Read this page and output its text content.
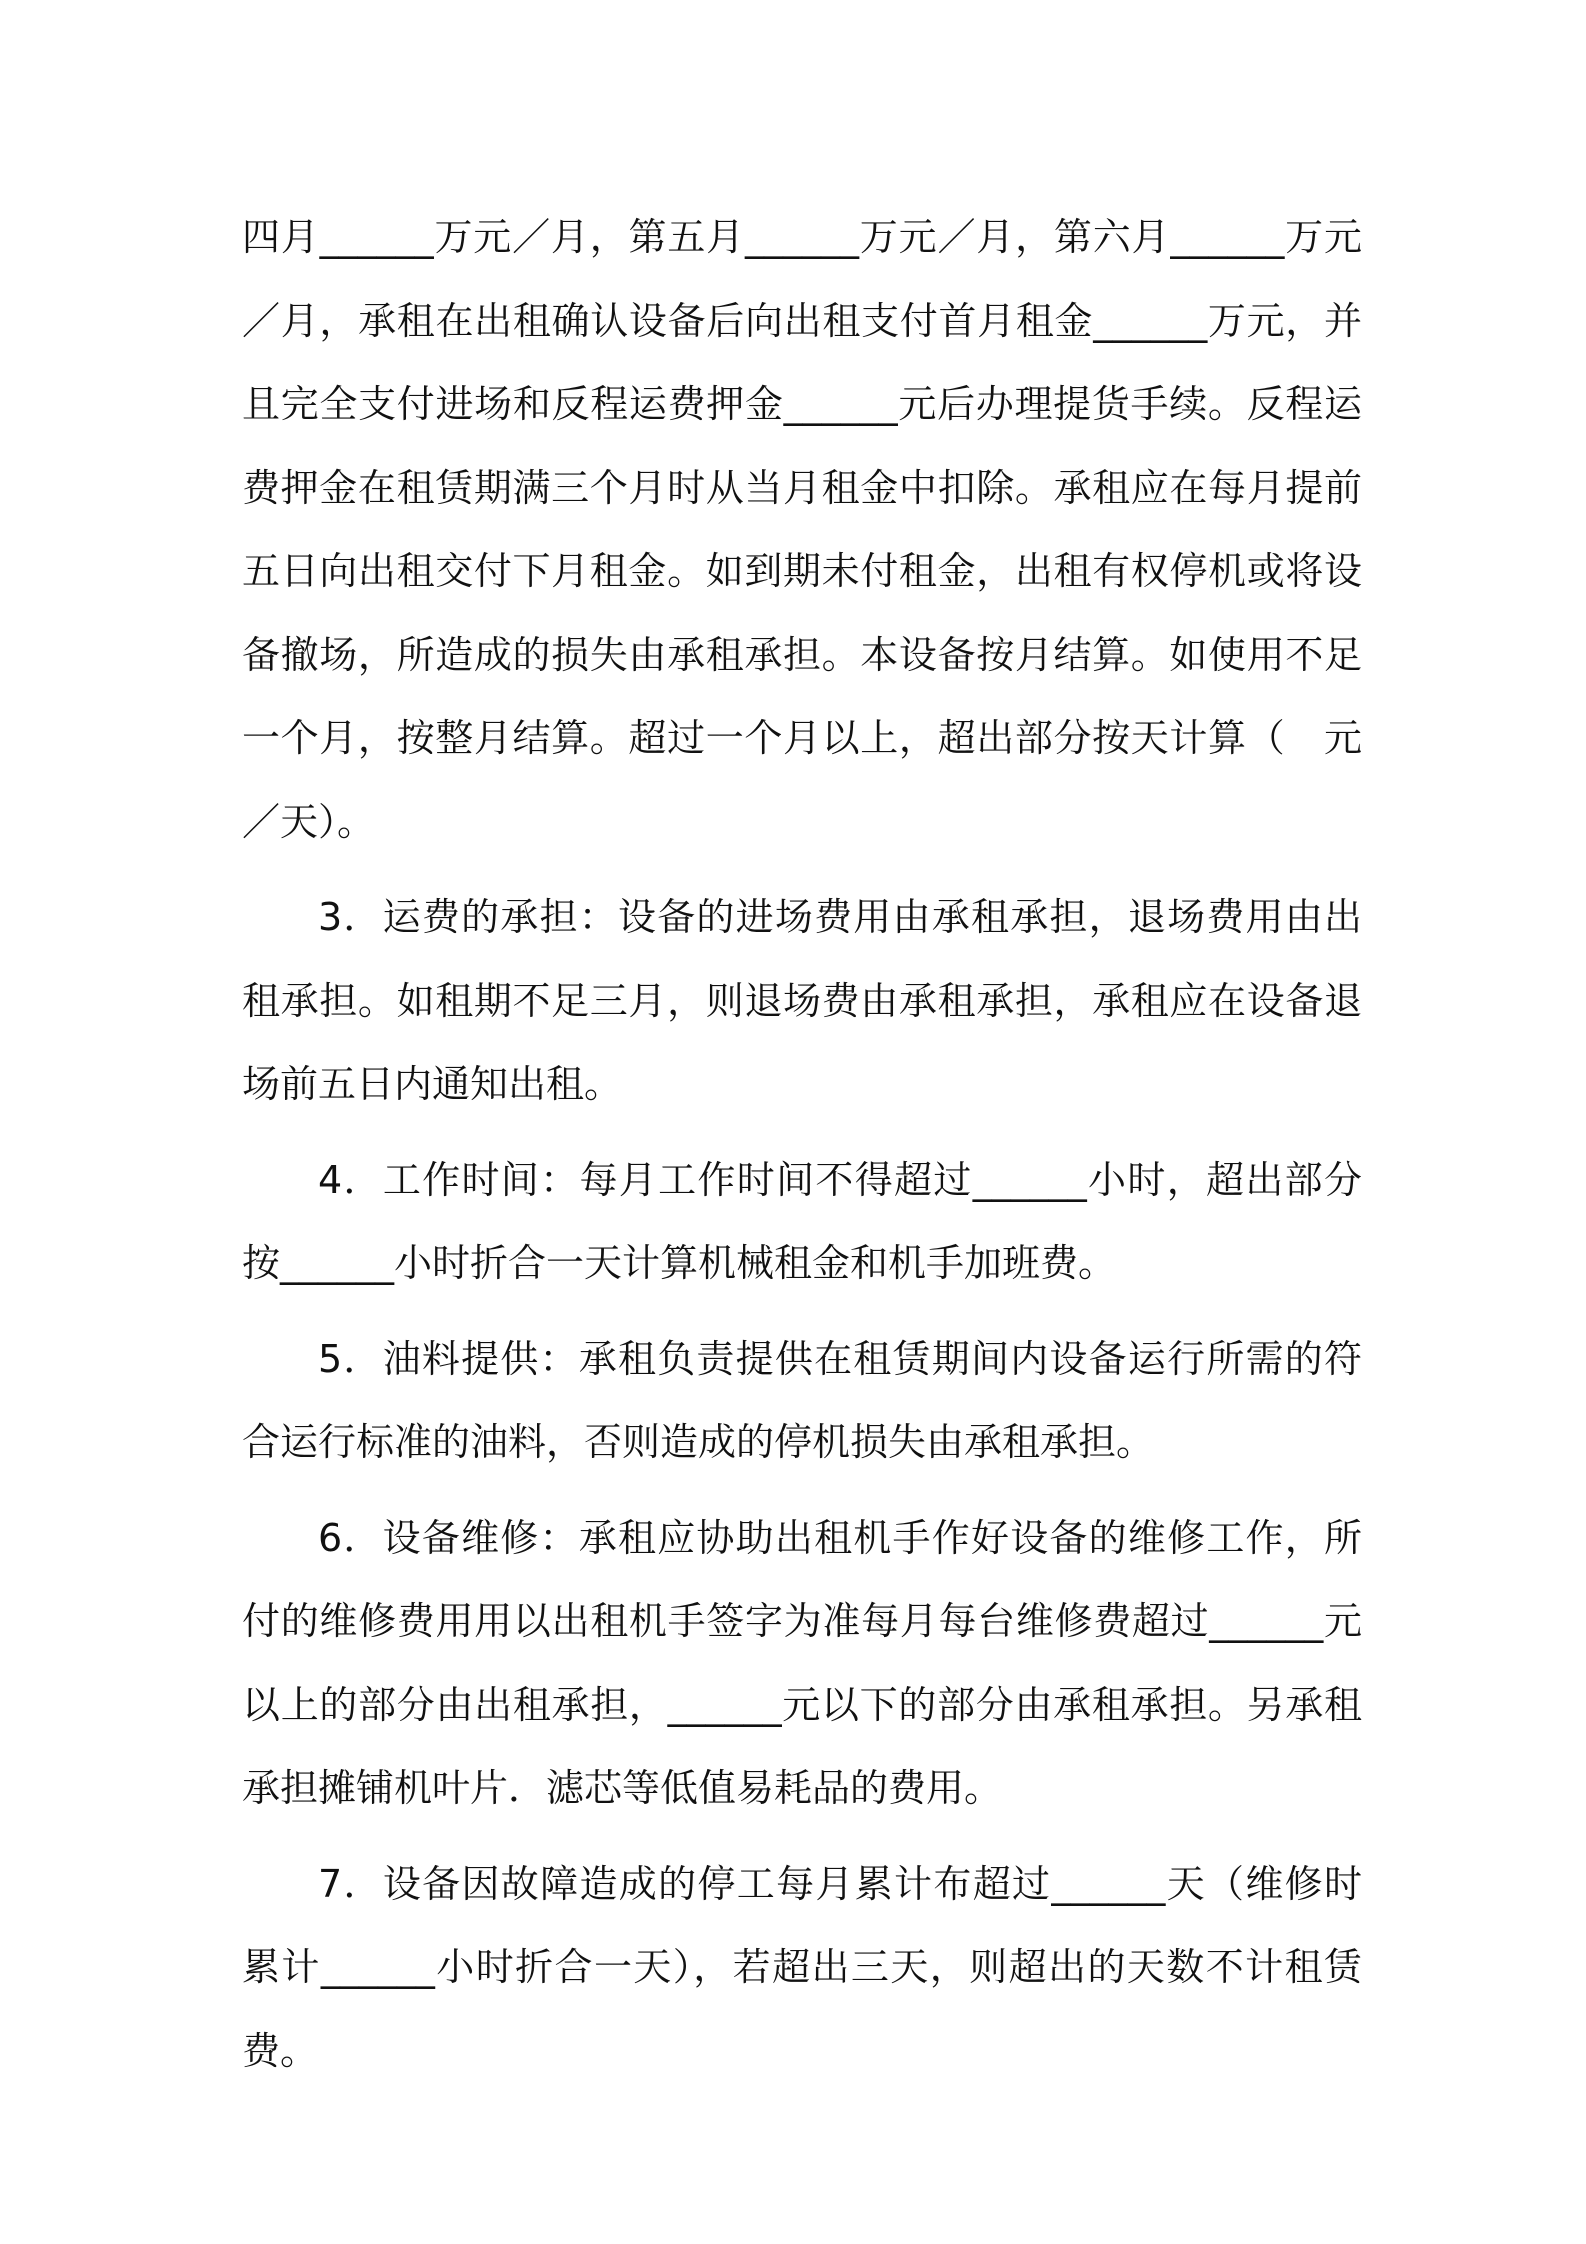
四月______万元／月，第五月______万元／月，第六月______万元／月，承租在出租确认设备后向出租支付首月租金______万元，并且完全支付进场和反程运费押金______元后办理提货手续。反程运费押金在租赁期满三个月时从当月租金中扣除。承租应在每月提前五日向出租交付下月租金。如到期未付租金，出租有权停机或将设备撤场，所造成的损失由承租承担。本设备按月结算。如使用不足一个月，按整月结算。超过一个月以上，超出部分按天计算（　元／天）。

3．运费的承担：设备的进场费用由承租承担，退场费用由出租承担。如租期不足三月，则退场费由承租承担，承租应在设备退场前五日内通知出租。

4．工作时间：每月工作时间不得超过______小时，超出部分按______小时折合一天计算机械租金和机手加班费。

5．油料提供：承租负责提供在租赁期间内设备运行所需的符合运行标准的油料，否则造成的停机损失由承租承担。

6．设备维修：承租应协助出租机手作好设备的维修工作，所付的维修费用用以出租机手签字为准每月每台维修费超过______元以上的部分由出租承担，______元以下的部分由承租承担。另承租承担摊铺机叶片．滤芯等低值易耗品的费用。

7．设备因故障造成的停工每月累计布超过______天（维修时累计______小时折合一天），若超出三天，则超出的天数不计租赁费。
